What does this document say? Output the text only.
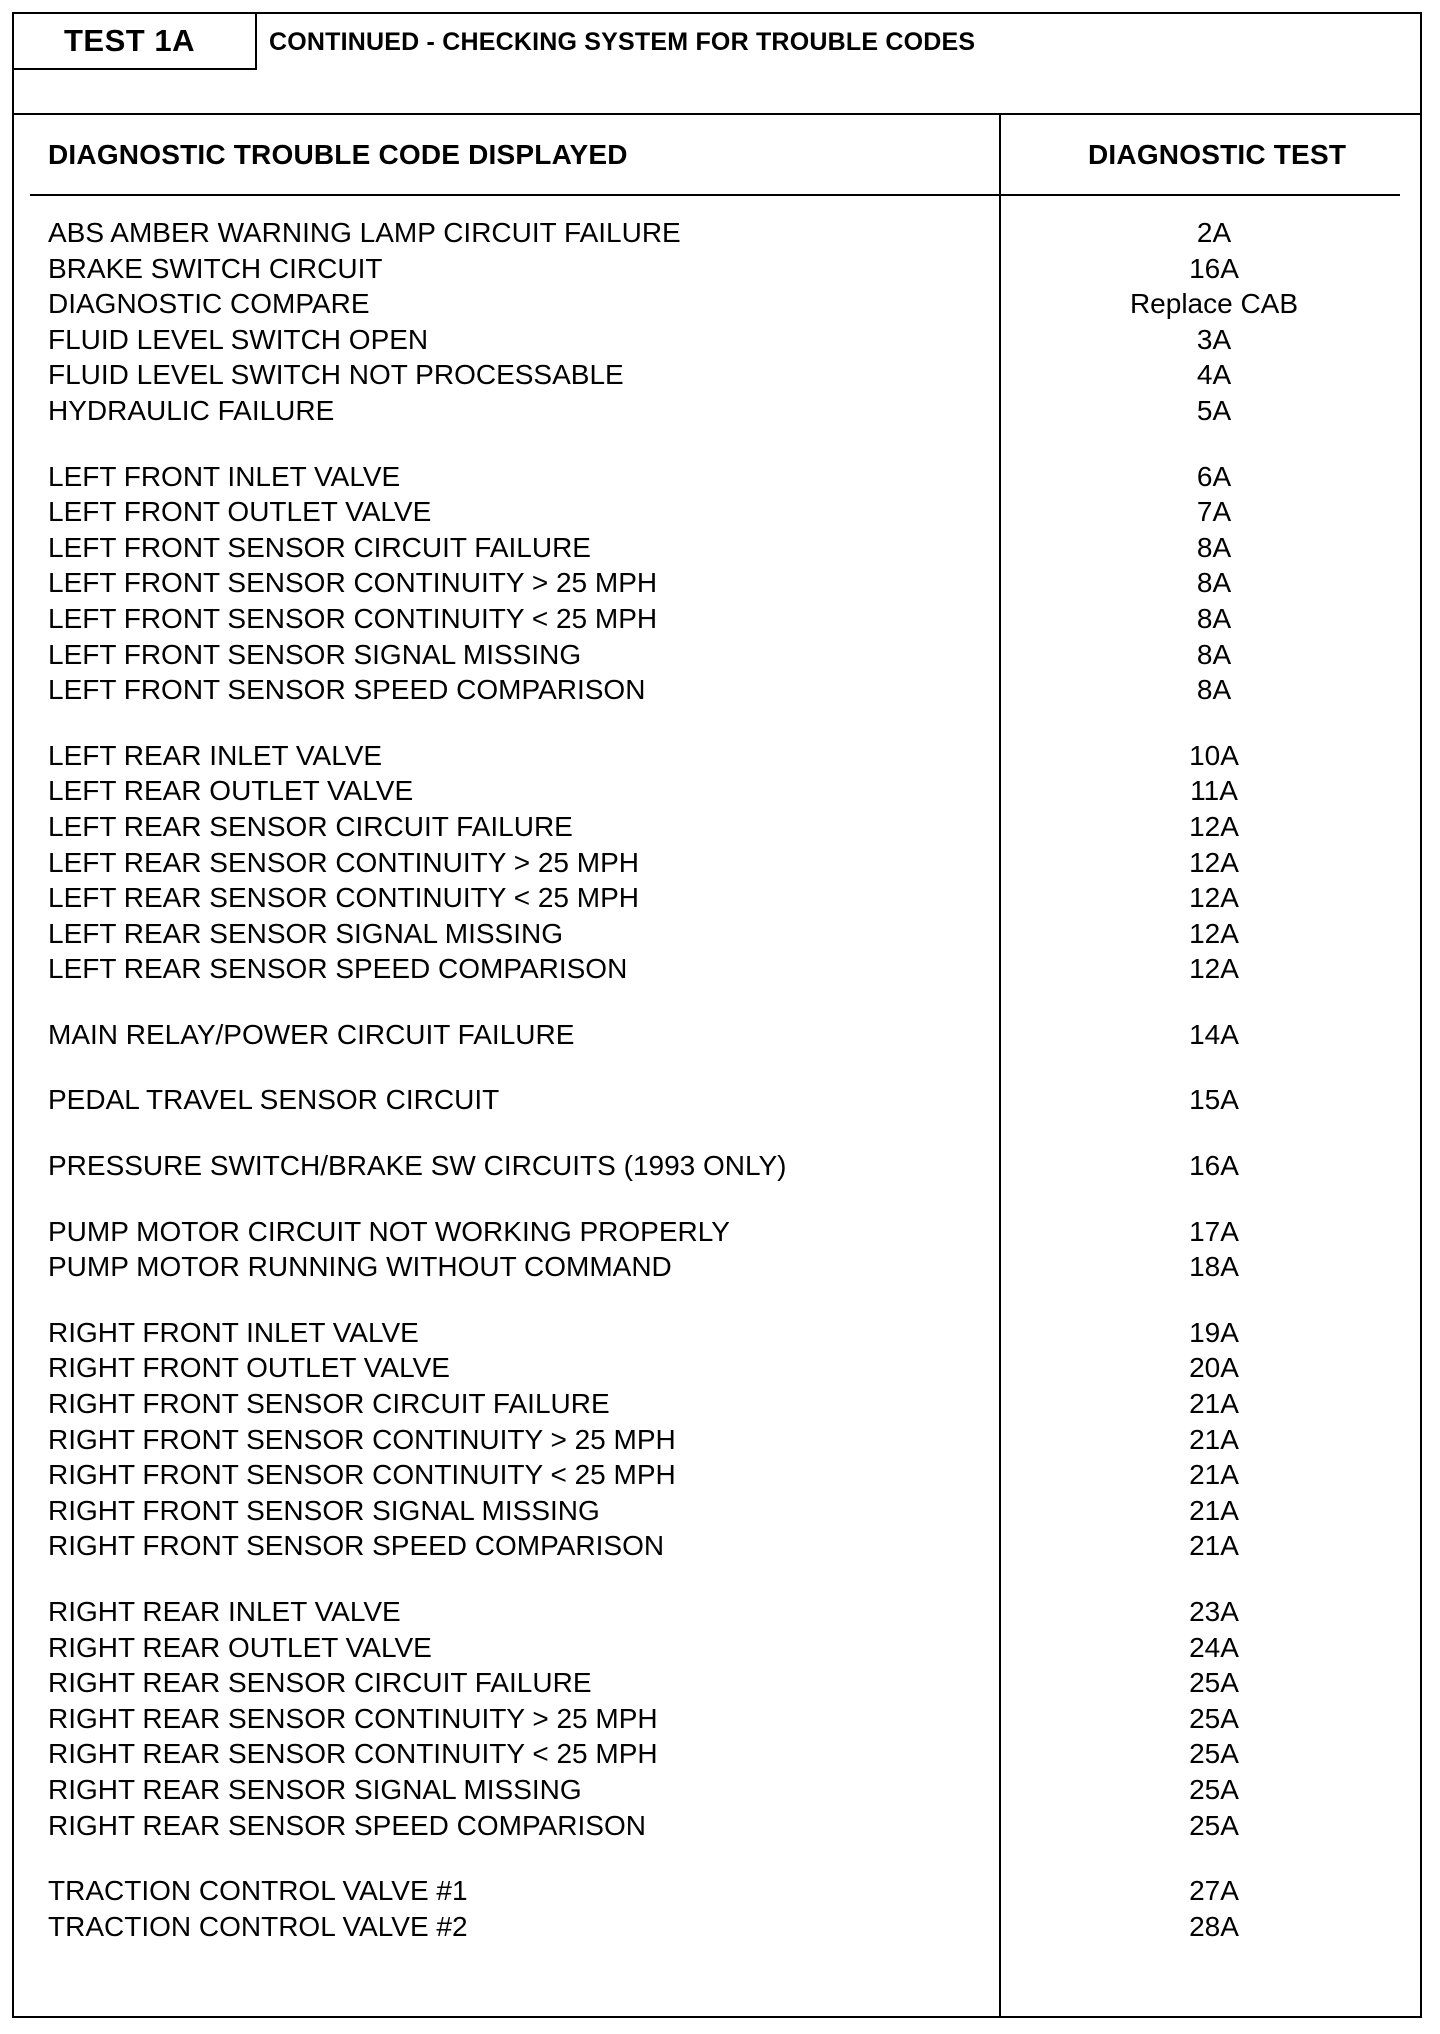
TEST 1A	CONTINUED - CHECKING SYSTEM FOR TROUBLE CODES
DIAGNOSTIC TROUBLE CODE DISPLAYED	DIAGNOSTIC TEST
ABS AMBER WARNING LAMP CIRCUIT FAILURE	2A
BRAKE SWITCH CIRCUIT	16A
DIAGNOSTIC COMPARE	Replace CAB
FLUID LEVEL SWITCH OPEN	3A
FLUID LEVEL SWITCH NOT PROCESSABLE	4A
HYDRAULIC FAILURE	5A
LEFT FRONT INLET VALVE	6A
LEFT FRONT OUTLET VALVE	7A
LEFT FRONT SENSOR CIRCUIT FAILURE	8A
LEFT FRONT SENSOR CONTINUITY > 25 MPH	8A
LEFT FRONT SENSOR CONTINUITY < 25 MPH	8A
LEFT FRONT SENSOR SIGNAL MISSING	8A
LEFT FRONT SENSOR SPEED COMPARISON	8A
LEFT REAR INLET VALVE	10A
LEFT REAR OUTLET VALVE	11A
LEFT REAR SENSOR CIRCUIT FAILURE	12A
LEFT REAR SENSOR CONTINUITY > 25 MPH	12A
LEFT REAR SENSOR CONTINUITY < 25 MPH	12A
LEFT REAR SENSOR SIGNAL MISSING	12A
LEFT REAR SENSOR SPEED COMPARISON	12A
MAIN RELAY/POWER CIRCUIT FAILURE	14A
PEDAL TRAVEL SENSOR CIRCUIT	15A
PRESSURE SWITCH/BRAKE SW CIRCUITS (1993 ONLY)	16A
PUMP MOTOR CIRCUIT NOT WORKING PROPERLY	17A
PUMP MOTOR RUNNING WITHOUT COMMAND	18A
RIGHT FRONT INLET VALVE	19A
RIGHT FRONT OUTLET VALVE	20A
RIGHT FRONT SENSOR CIRCUIT FAILURE	21A
RIGHT FRONT SENSOR CONTINUITY > 25 MPH	21A
RIGHT FRONT SENSOR CONTINUITY < 25 MPH	21A
RIGHT FRONT SENSOR SIGNAL MISSING	21A
RIGHT FRONT SENSOR SPEED COMPARISON	21A
RIGHT REAR INLET VALVE	23A
RIGHT REAR OUTLET VALVE	24A
RIGHT REAR SENSOR CIRCUIT FAILURE	25A
RIGHT REAR SENSOR CONTINUITY > 25 MPH	25A
RIGHT REAR SENSOR CONTINUITY < 25 MPH	25A
RIGHT REAR SENSOR SIGNAL MISSING	25A
RIGHT REAR SENSOR SPEED COMPARISON	25A
TRACTION CONTROL VALVE #1	27A
TRACTION CONTROL VALVE #2	28A
